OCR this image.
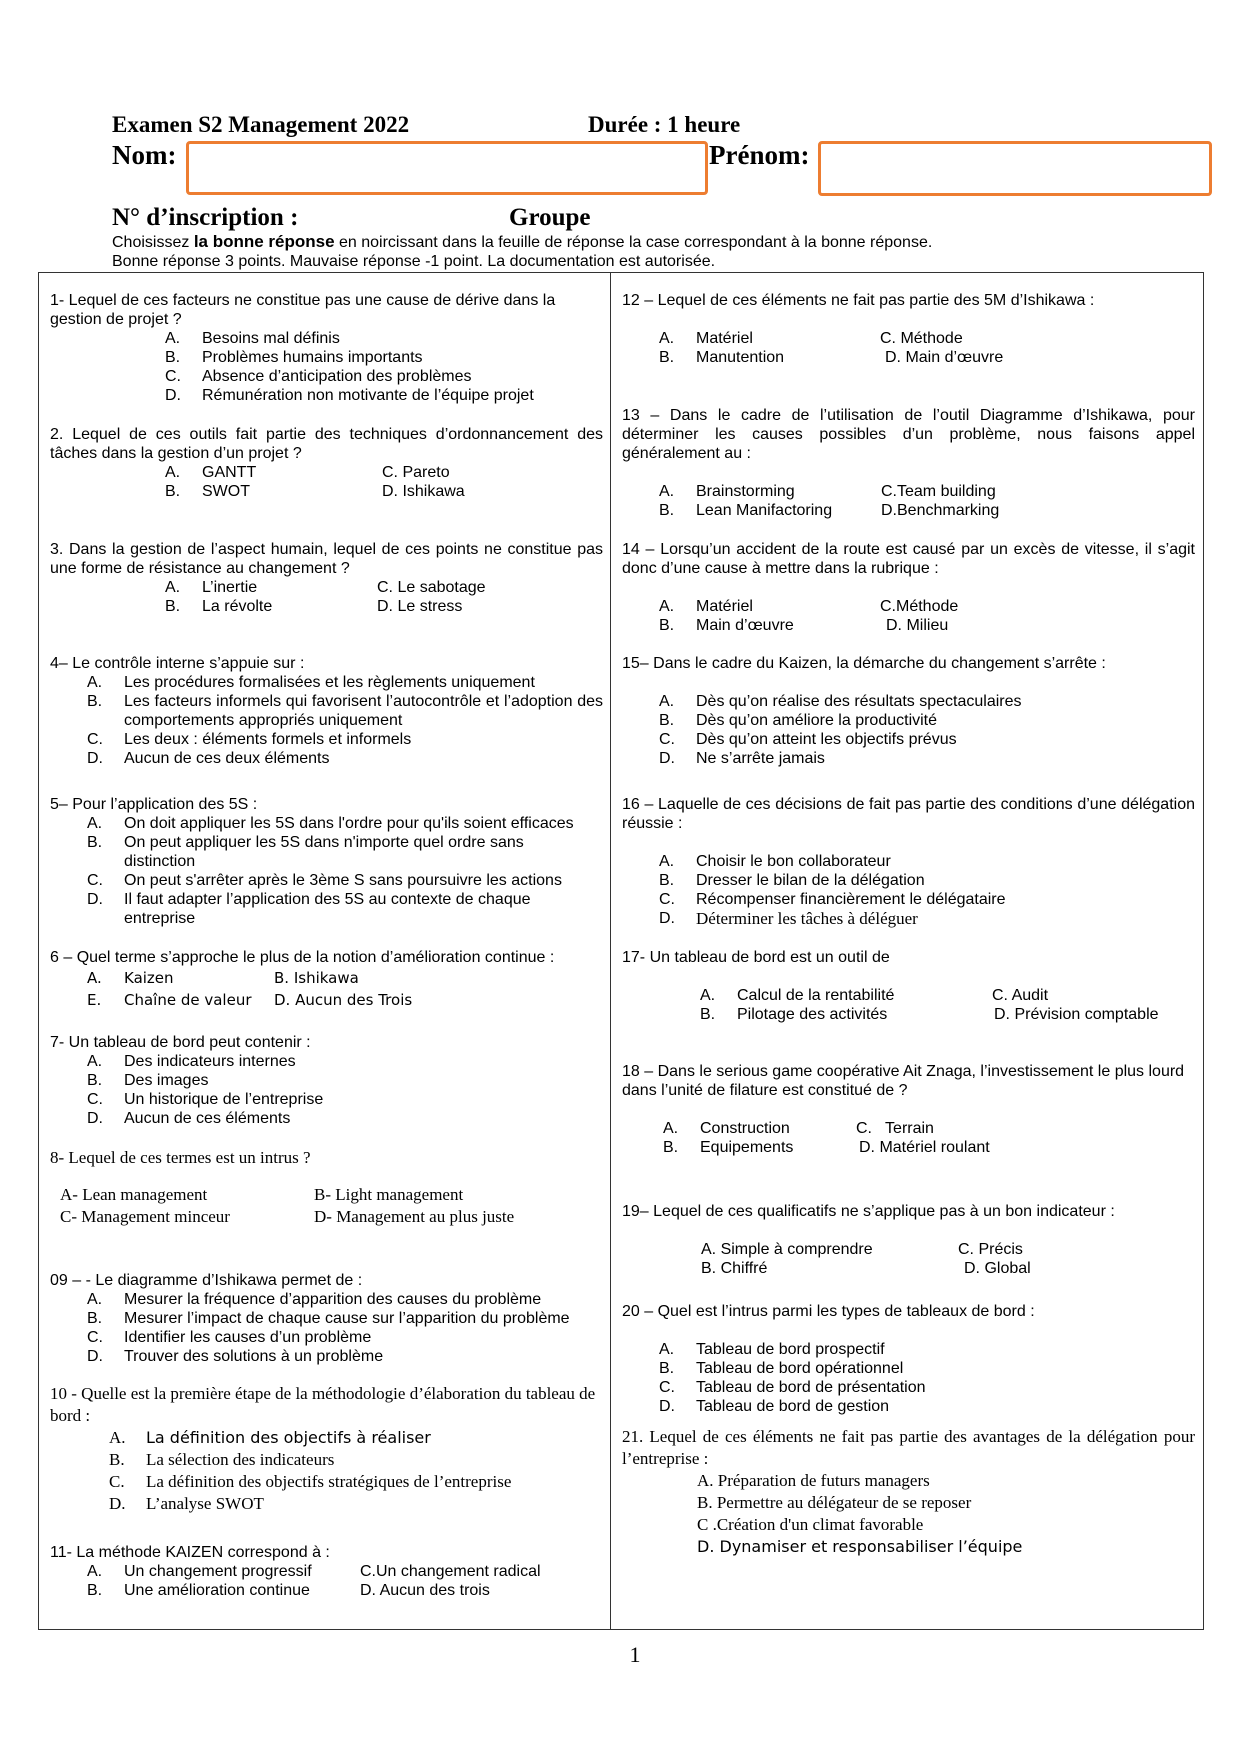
Examen S2 Management 2022	Durée : 1 heure
Nom:	Prénom:
N° d’inscription :	Groupe
Choisissez la bonne réponse en noircissant dans la feuille de réponse la case correspondant à la bonne réponse.
Bonne réponse 3 points. Mauvaise réponse -1 point. La documentation est autorisée.

1- Lequel de ces facteurs ne constitue pas une cause de dérive dans la gestion de projet ?

A.	Besoins mal définis
B.	Problèmes humains importants
C.	Absence d’anticipation des problèmes
D.	Rémunération non motivante de l’équipe projet

2. Lequel de ces outils fait partie des techniques d’ordonnancement des tâches dans la gestion d’un projet ?

A.	GANTT	C. Pareto
B.	SWOT	D. Ishikawa

3. Dans la gestion de l’aspect humain, lequel de ces points ne constitue pas une forme de résistance au changement ?

A.	L’inertie	C. Le sabotage
B.	La révolte	D. Le stress

4– Le contrôle interne s’appuie sur :

A.	Les procédures formalisées et les règlements uniquement
B.	Les facteurs informels qui favorisent l’autocontrôle et l’adoption des comportements appropriés uniquement
C.	Les deux : éléments formels et informels
D.	Aucun de ces deux éléments

5– Pour l’application des 5S :

A.	On doit appliquer les 5S dans l'ordre pour qu'ils soient efficaces
B.	On peut appliquer les 5S dans n'importe quel ordre sans distinction
C.	On peut s'arrêter après le 3ème S sans poursuivre les actions
D.	Il faut adapter l’application des 5S au contexte de chaque entreprise

6 – Quel terme s’approche le plus de la notion d’amélioration continue :

A.	Kaizen	B. Ishikawa
E.	Chaîne de valeur	D. Aucun des Trois

7- Un tableau de bord peut contenir :

A.	Des indicateurs internes
B.	Des images
C.	Un historique de l’entreprise
D.	Aucun de ces éléments

8- Lequel de ces termes est un intrus ?

A- Lean management	B- Light management
C- Management minceur	D- Management au plus juste

09 – - Le diagramme d’Ishikawa permet de :

A.	Mesurer la fréquence d’apparition des causes du problème
B.	Mesurer l’impact de chaque cause sur l’apparition du problème
C.	Identifier les causes d’un problème
D.	Trouver des solutions à un problème

10 - Quelle est la première étape de la méthodologie d’élaboration du tableau de bord :

A.	La définition des objectifs à réaliser
B.	La sélection des indicateurs
C.	La définition des objectifs stratégiques de l’entreprise
D.	L’analyse SWOT

11- La méthode KAIZEN correspond à :

A.	Un changement progressif	C.Un changement radical
B.	Une amélioration continue	D. Aucun des trois

12 – Lequel de ces éléments ne fait pas partie des 5M d’Ishikawa :

A.	Matériel	C. Méthode
B.	Manutention	D. Main d’œuvre

13 – Dans le cadre de l’utilisation de l’outil Diagramme d’Ishikawa, pour déterminer les causes possibles d’un problème, nous faisons appel généralement au :

A.	Brainstorming	C.Team building
B.	Lean Manifactoring	D.Benchmarking

14 – Lorsqu’un accident de la route est causé par un excès de vitesse, il s’agit donc d’une cause à mettre dans la rubrique :

A.	Matériel	C.Méthode
B.	Main d’œuvre	D. Milieu

15– Dans le cadre du Kaizen, la démarche du changement s’arrête :

A.	Dès qu’on réalise des résultats spectaculaires
B.	Dès qu’on améliore la productivité
C.	Dès qu’on atteint les objectifs prévus
D.	Ne s’arrête jamais

16 – Laquelle de ces décisions de fait pas partie des conditions d’une délégation réussie :

A.	Choisir le bon collaborateur
B.	Dresser le bilan de la délégation
C.	Récompenser financièrement le délégataire
D.	Déterminer les tâches à déléguer

17- Un tableau de bord est un outil de

A.	Calcul de la rentabilité	C. Audit
B.	Pilotage des activités	D. Prévision comptable

18 – Dans le serious game coopérative Ait Znaga, l’investissement le plus lourd dans l’unité de filature est constitué de ?

A.	Construction	C.   Terrain
B.	Equipements	D. Matériel roulant

19– Lequel de ces qualificatifs ne s’applique pas à un bon indicateur :

A. Simple à comprendre	C. Précis
B. Chiffré	D. Global

20 – Quel est l’intrus parmi les types de tableaux de bord :

A.	Tableau de bord prospectif
B.	Tableau de bord opérationnel
C.	Tableau de bord de présentation
D.	Tableau de bord de gestion

21. Lequel de ces éléments ne fait pas partie des avantages de la délégation pour l’entreprise :

A. Préparation de futurs managers
B. Permettre au délégateur de se reposer
C .Création d'un climat favorable
D. Dynamiser et responsabiliser l’équipe
1
